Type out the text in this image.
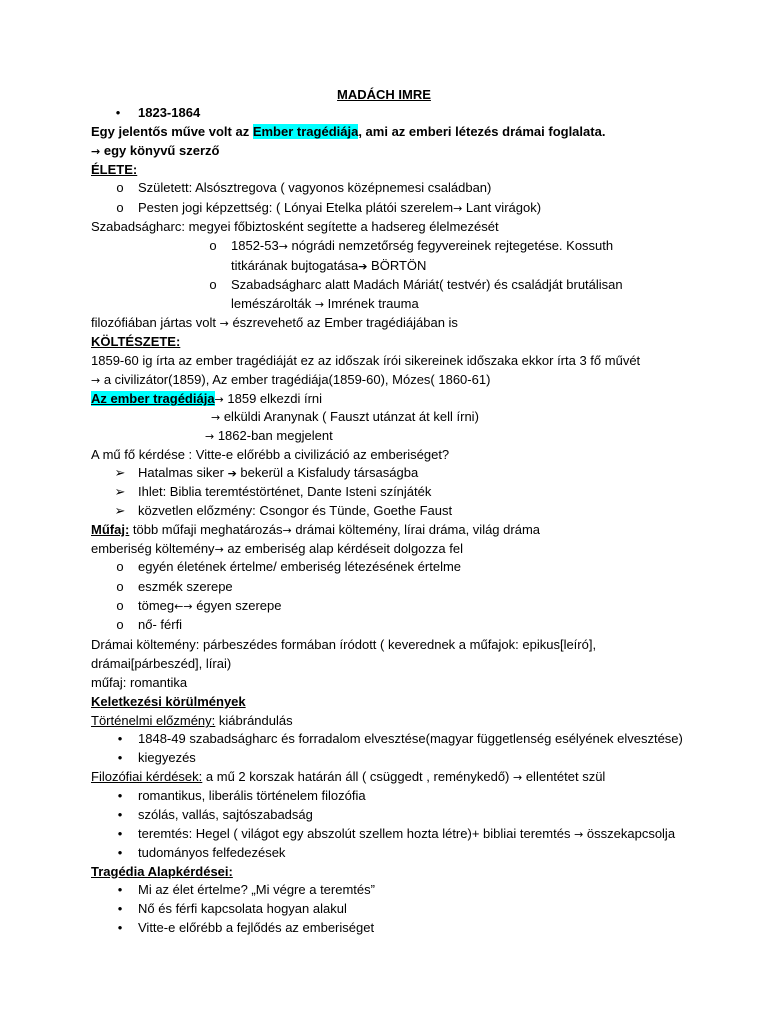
MADÁCH IMRE
•	1823-1864
Egy jelentős műve volt az Ember tragédiája, ami az emberi létezés drámai foglalata.
→ egy könyvű szerző
ÉLETE:
o	Született: Alsósztregova ( vagyonos középnemesi családban)
o	Pesten jogi képzettség: ( Lónyai Etelka plátói szerelem→ Lant virágok)
Szabadságharc: megyei főbiztosként segítette a hadsereg élelmezését
o	1852-53→ nógrádi nemzetőrség fegyvereinek rejtegetése. Kossuth
titkárának bujtogatása➔ BÖRTÖN
o	Szabadságharc alatt Madách Máriát( testvér) és családját brutálisan
lemészárolták → Imrének trauma
filozófiában jártas volt → észrevehető az Ember tragédiájában is
KÖLTÉSZETE:
1859-60 ig írta az ember tragédiáját ez az időszak írói sikereinek időszaka ekkor írta 3 fő művét
→ a civilizátor(1859), Az ember tragédiája(1859-60), Mózes( 1860-61)
Az ember tragédiája→ 1859 elkezdi írni
→ elküldi Aranynak ( Fauszt utánzat át kell írni)
→ 1862-ban megjelent
A mű fő kérdése : Vitte-e előrébb a civilizáció az emberiséget?
➢ Hatalmas siker ➔ bekerül a Kisfaludy társaságba
➢ Ihlet: Biblia teremtéstörténet, Dante Isteni színjáték
➢ közvetlen előzmény: Csongor és Tünde, Goethe Faust
Műfaj: több műfaji meghatározás→ drámai költemény, lírai dráma, világ dráma
emberiség költemény→ az emberiség alap kérdéseit dolgozza fel
o	egyén életének értelme/ emberiség létezésének értelme
o	eszmék szerepe
o	tömeg←→ égyen szerepe
o	nő- férfi
Drámai költemény: párbeszédes formában íródott ( keverednek a műfajok: epikus[leíró],
drámai[párbeszéd], lírai)
műfaj: romantika
Keletkezési körülmények
Történelmi előzmény: kiábrándulás
•	1848-49 szabadságharc és forradalom elvesztése(magyar függetlenség esélyének elvesztése)
•	kiegyezés
Filozófiai kérdések: a mű 2 korszak határán áll ( csüggedt , reménykedő) → ellentétet szül
•	romantikus, liberális történelem filozófia
•	szólás, vallás, sajtószabadság
•	teremtés: Hegel ( világot egy abszolút szellem hozta létre)+ bibliai teremtés → összekapcsolja
•	tudományos felfedezések
Tragédia Alapkérdései:
•	Mi az élet értelme? „Mi végre a teremtés”
•	Nő és férfi kapcsolata hogyan alakul
•	Vitte-e előrébb a fejlődés az emberiséget
